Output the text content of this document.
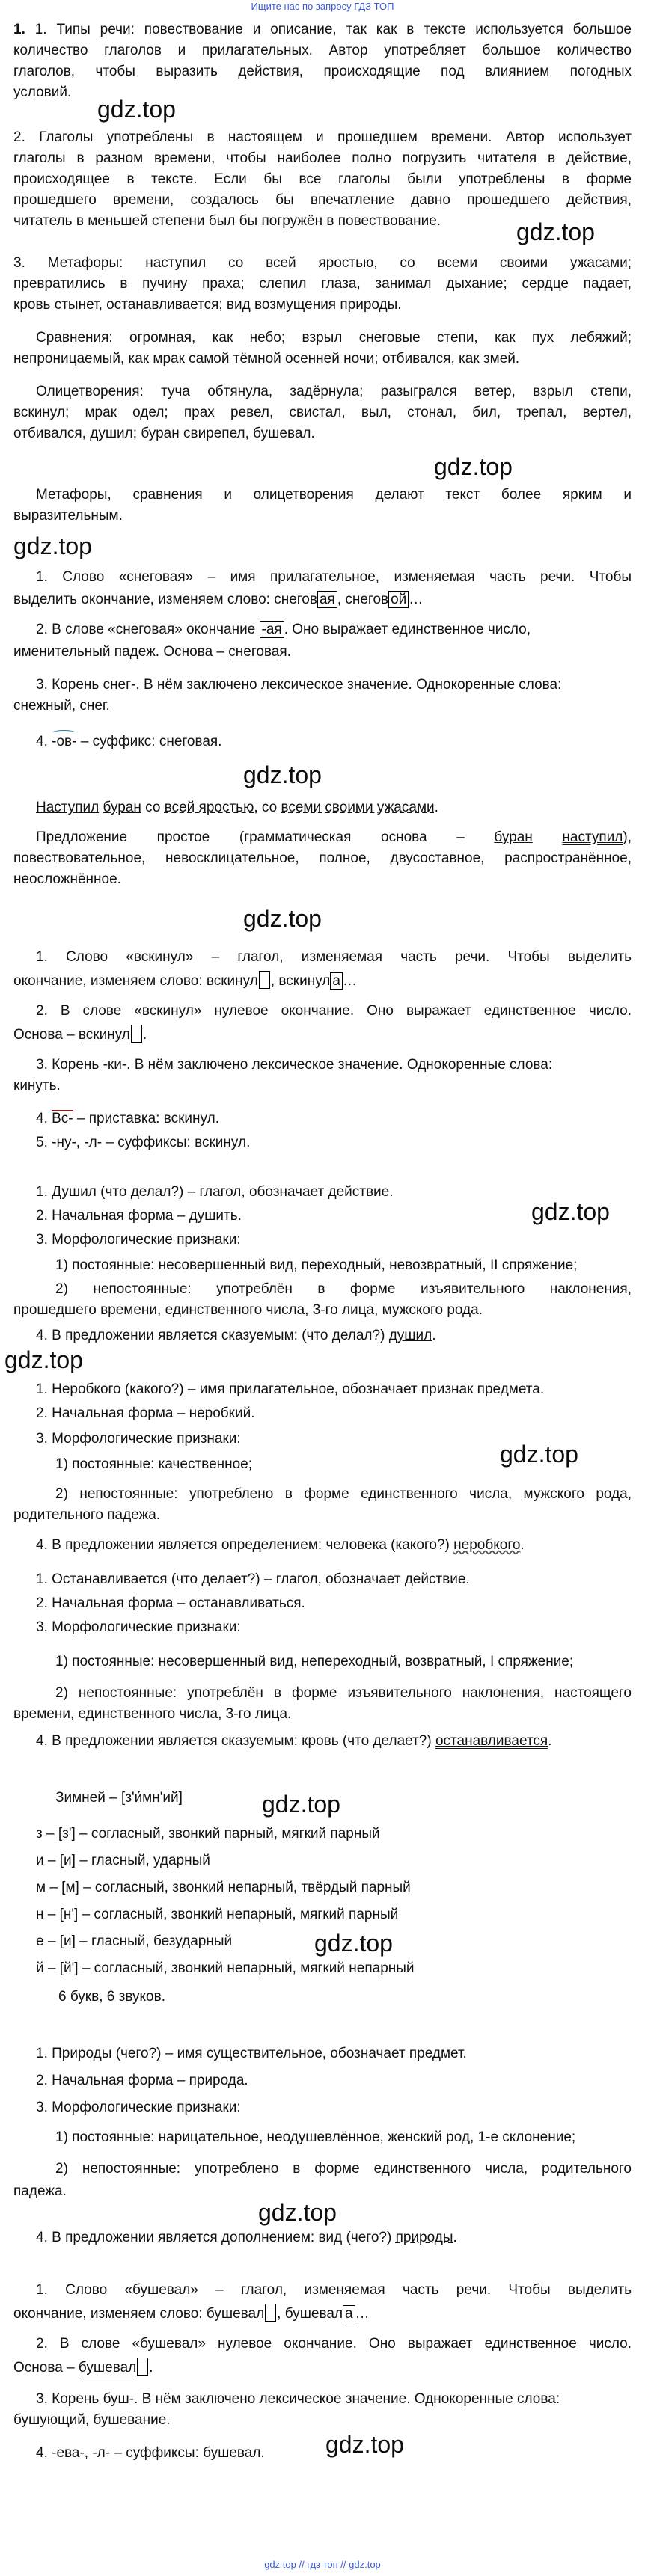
Ищите нас по запросу ГДЗ ТОП
1. 1. Типы речи: повествование и описание, так как в тексте используется большое
количество глаголов и прилагательных. Автор употребляет большое количество
глаголов, чтобы выразить действия, происходящие под влиянием погодных
условий.
gdz.top
2. Глаголы употреблены в настоящем и прошедшем времени. Автор использует
глаголы в разном времени, чтобы наиболее полно погрузить читателя в действие,
происходящее в тексте. Если бы все глаголы были употреблены в форме
прошедшего времени, создалось бы впечатление давно прошедшего действия,
читатель в меньшей степени был бы погружён в повествование.	gdz.top
3. Метафоры: наступил со всей яростью, со всеми своими ужасами;
превратились в пучину праха; слепил глаза, занимал дыхание; сердце падает,
кровь стынет, останавливается; вид возмущения природы.
Сравнения: огромная, как небо; взрыл снеговые степи, как пух лебяжий;
непроницаемый, как мрак самой тёмной осенней ночи; отбивался, как змей.
Олицетворения: туча обтянула, задёрнула; разыгрался ветер, взрыл степи,
вскинул; мрак одел; прах ревел, свистал, выл, стонал, бил, трепал, вертел,
отбивался, душил; буран свирепел, бушевал.
gdz.top
Метафоры, сравнения и олицетворения делают текст более ярким и
выразительным.
gdz.top
1. Слово «снеговая» – имя прилагательное, изменяемая часть речи. Чтобы
выделить окончание, изменяем слово: снегов ая , снегов ой …
2. В слове «снеговая» окончание -ая . Оно выражает единственное число,
именительный падеж. Основа – снеговая.
3. Корень снег-. В нём заключено лексическое значение. Однокоренные слова:
снежный, снег.
4. -ов- – суффикс: снеговая.
gdz.top
Наступил буран со всей яростью, со всеми своими ужасами.
Предложение простое (грамматическая основа – буран наступил),
повествовательное, невосклицательное, полное, двусоставное, распространённое,
неосложнённое.
gdz.top
1. Слово «вскинул» – глагол, изменяемая часть речи. Чтобы выделить
окончание, изменяем слово: вскинул , вскинул а …
2. В слове «вскинул» нулевое окончание. Оно выражает единственное число.
Основа – вскинул .
3. Корень -ки-. В нём заключено лексическое значение. Однокоренные слова:
кинуть.
4. Вс- – приставка: вскинул.
5. -ну-, -л- – суффиксы: вскинул.
1. Душил (что делал?) – глагол, обозначает действие.
2. Начальная форма – душить.	gdz.top
3. Морфологические признаки:
1) постоянные: несовершенный вид, переходный, невозвратный, II спряжение;
2) непостоянные: употреблён в форме изъявительного наклонения,
прошедшего времени, единственного числа, 3-го лица, мужского рода.
4. В предложении является сказуемым: (что делал?) душил.
gdz.top
1. Неробкого (какого?) – имя прилагательное, обозначает признак предмета.
2. Начальная форма – неробкий.
3. Морфологические признаки:
gdz.top
1) постоянные: качественное;
2) непостоянные: употреблено в форме единственного числа, мужского рода,
родительного падежа.
4. В предложении является определением: человека (какого?) неробкого.
1. Останавливается (что делает?) – глагол, обозначает действие.
2. Начальная форма – останавливаться.
3. Морфологические признаки:
1) постоянные: несовершенный вид, непереходный, возвратный, I спряжение;
2) непостоянные: употреблён в форме изъявительного наклонения, настоящего
времени, единственного числа, 3-го лица.
4. В предложении является сказуемым: кровь (что делает?) останавливается.
Зимней – [з'и́мн'ий]	gdz.top
з – [з'] – согласный, звонкий парный, мягкий парный
и – [и] – гласный, ударный
м – [м] – согласный, звонкий непарный, твёрдый парный
н – [н'] – согласный, звонкий непарный, мягкий парный
е – [и] – гласный, безударный	gdz.top
й – [й'] – согласный, звонкий непарный, мягкий непарный
6 букв, 6 звуков.
1. Природы (чего?) – имя существительное, обозначает предмет.
2. Начальная форма – природа.
3. Морфологические признаки:
1) постоянные: нарицательное, неодушевлённое, женский род, 1-е склонение;
2) непостоянные: употреблено в форме единственного числа, родительного
падежа.
gdz.top
4. В предложении является дополнением: вид (чего?) природы.
1. Слово «бушевал» – глагол, изменяемая часть речи. Чтобы выделить
окончание, изменяем слово: бушевал , бушевал а …
2. В слове «бушевал» нулевое окончание. Оно выражает единственное число.
Основа – бушевал .
3. Корень буш-. В нём заключено лексическое значение. Однокоренные слова:
бушующий, бушевание.
4. -ева-, -л- – суффиксы: бушевал.	gdz.top
gdz top // гдз топ // gdz.top
